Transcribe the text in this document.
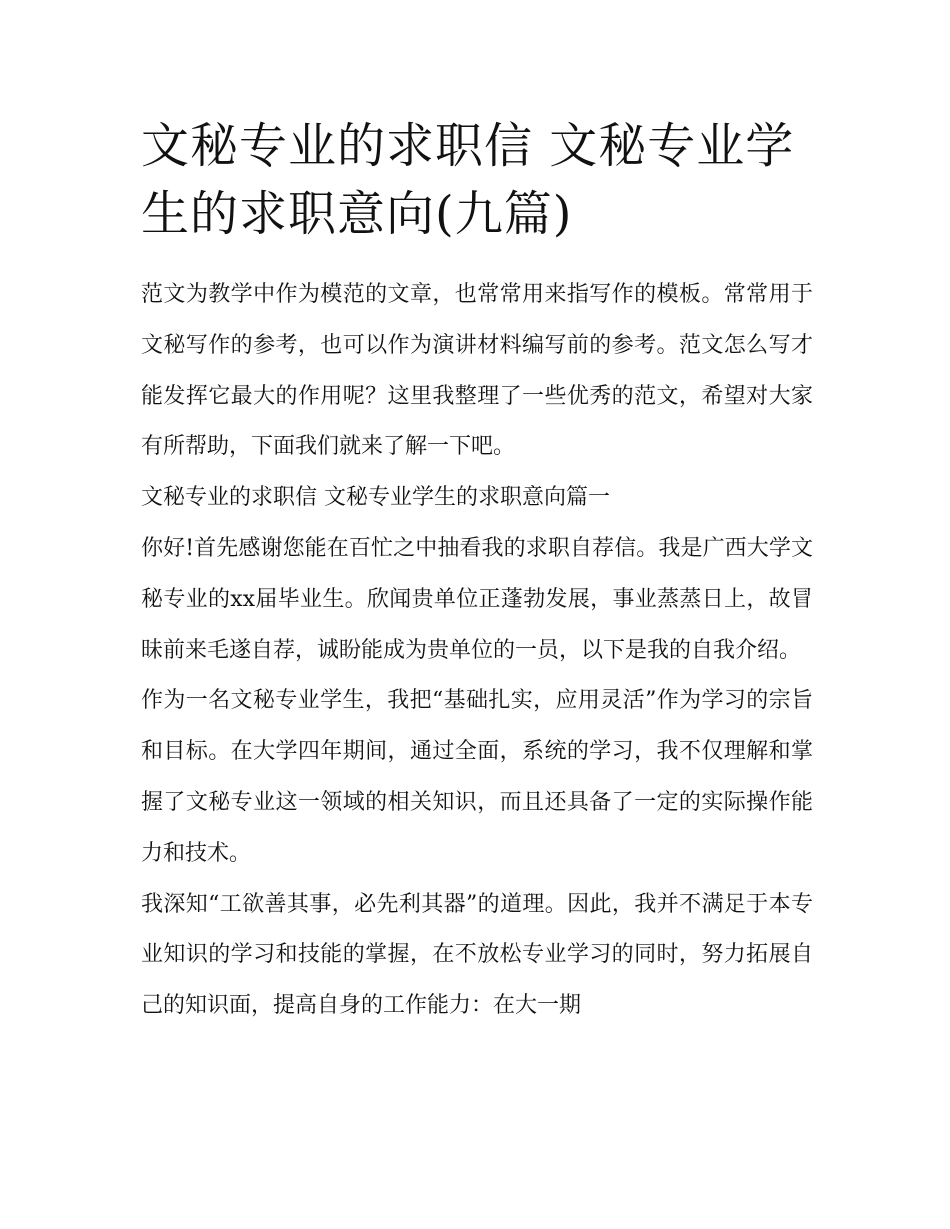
文秘专业的求职信 文秘专业学生的求职意向(九篇)

范文为教学中作为模范的文章，也常常用来指写作的模板。常常用于文秘写作的参考，也可以作为演讲材料编写前的参考。范文怎么写才能发挥它最大的作用呢？这里我整理了一些优秀的范文，希望对大家有所帮助，下面我们就来了解一下吧。

文秘专业的求职信 文秘专业学生的求职意向篇一

你好!首先感谢您能在百忙之中抽看我的求职自荐信。我是广西大学文秘专业的xx届毕业生。欣闻贵单位正蓬勃发展，事业蒸蒸日上，故冒昧前来毛遂自荐，诚盼能成为贵单位的一员，以下是我的自我介绍。

作为一名文秘专业学生，我把“基础扎实，应用灵活”作为学习的宗旨和目标。在大学四年期间，通过全面，系统的学习，我不仅理解和掌握了文秘专业这一领域的相关知识，而且还具备了一定的实际操作能力和技术。

我深知“工欲善其事，必先利其器”的道理。因此，我并不满足于本专业知识的学习和技能的掌握，在不放松专业学习的同时，努力拓展自己的知识面，提高自身的工作能力：在大一期
